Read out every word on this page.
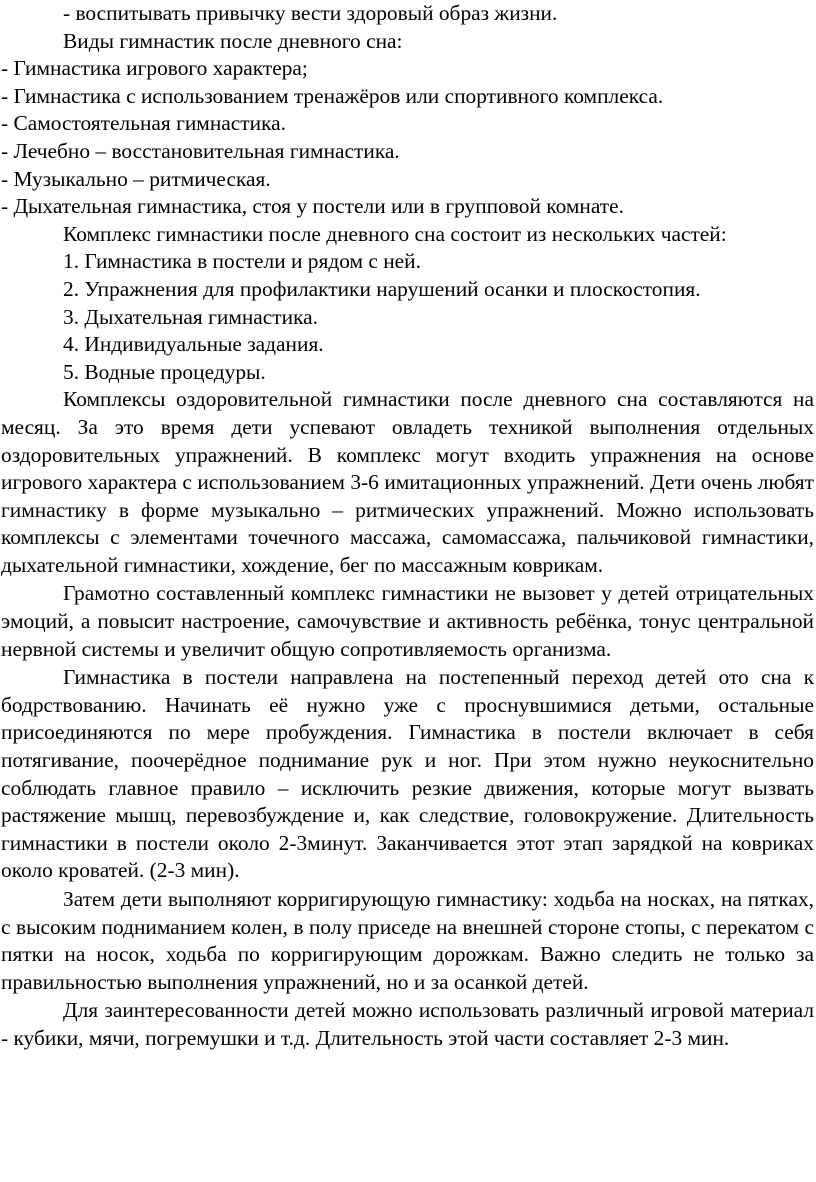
- воспитывать привычку вести здоровый образ жизни.

Виды гимнастик после дневного сна:

- Гимнастика игрового характера;

- Гимнастика с использованием тренажёров или спортивного комплекса.

- Самостоятельная гимнастика.

- Лечебно – восстановительная гимнастика.

- Музыкально – ритмическая.

- Дыхательная гимнастика, стоя у постели или в групповой комнате.

Комплекс гимнастики после дневного сна состоит из нескольких частей:

1. Гимнастика в постели и рядом с ней.

2. Упражнения для профилактики нарушений осанки и плоскостопия.

3. Дыхательная гимнастика.

4. Индивидуальные задания.

5. Водные процедуры.

Комплексы оздоровительной гимнастики после дневного сна составляются на месяц. За это время дети успевают овладеть техникой выполнения отдельных оздоровительных упражнений. В комплекс могут входить упражнения на основе игрового характера с использованием 3-6 имитационных упражнений. Дети очень любят гимнастику в форме музыкально – ритмических упражнений. Можно использовать комплексы с элементами точечного массажа, самомассажа, пальчиковой гимнастики, дыхательной гимнастики, хождение, бег по массажным коврикам.

Грамотно составленный комплекс гимнастики не вызовет у детей отрицательных эмоций, а повысит настроение, самочувствие и активность ребёнка, тонус центральной нервной системы и увеличит общую сопротивляемость организма.

Гимнастика в постели направлена на постепенный переход детей ото сна к бодрствованию. Начинать её нужно уже с проснувшимися детьми, остальные присоединяются по мере пробуждения. Гимнастика в постели включает в себя потягивание, поочерёдное поднимание рук и ног. При этом нужно неукоснительно соблюдать главное правило – исключить резкие движения, которые могут вызвать растяжение мышц, перевозбуждение и, как следствие, головокружение. Длительность гимнастики в постели около 2-3минут. Заканчивается этот этап зарядкой на ковриках около кроватей. (2-3 мин).

Затем дети выполняют корригирующую гимнастику: ходьба на носках, на пятках, с высоким подниманием колен, в полу приседе на внешней стороне стопы, с перекатом с пятки на носок, ходьба по корригирующим дорожкам. Важно следить не только за правильностью выполнения упражнений, но и за осанкой детей.

Для заинтересованности детей можно использовать различный игровой материал - кубики, мячи, погремушки и т.д. Длительность этой части составляет 2-3 мин.
